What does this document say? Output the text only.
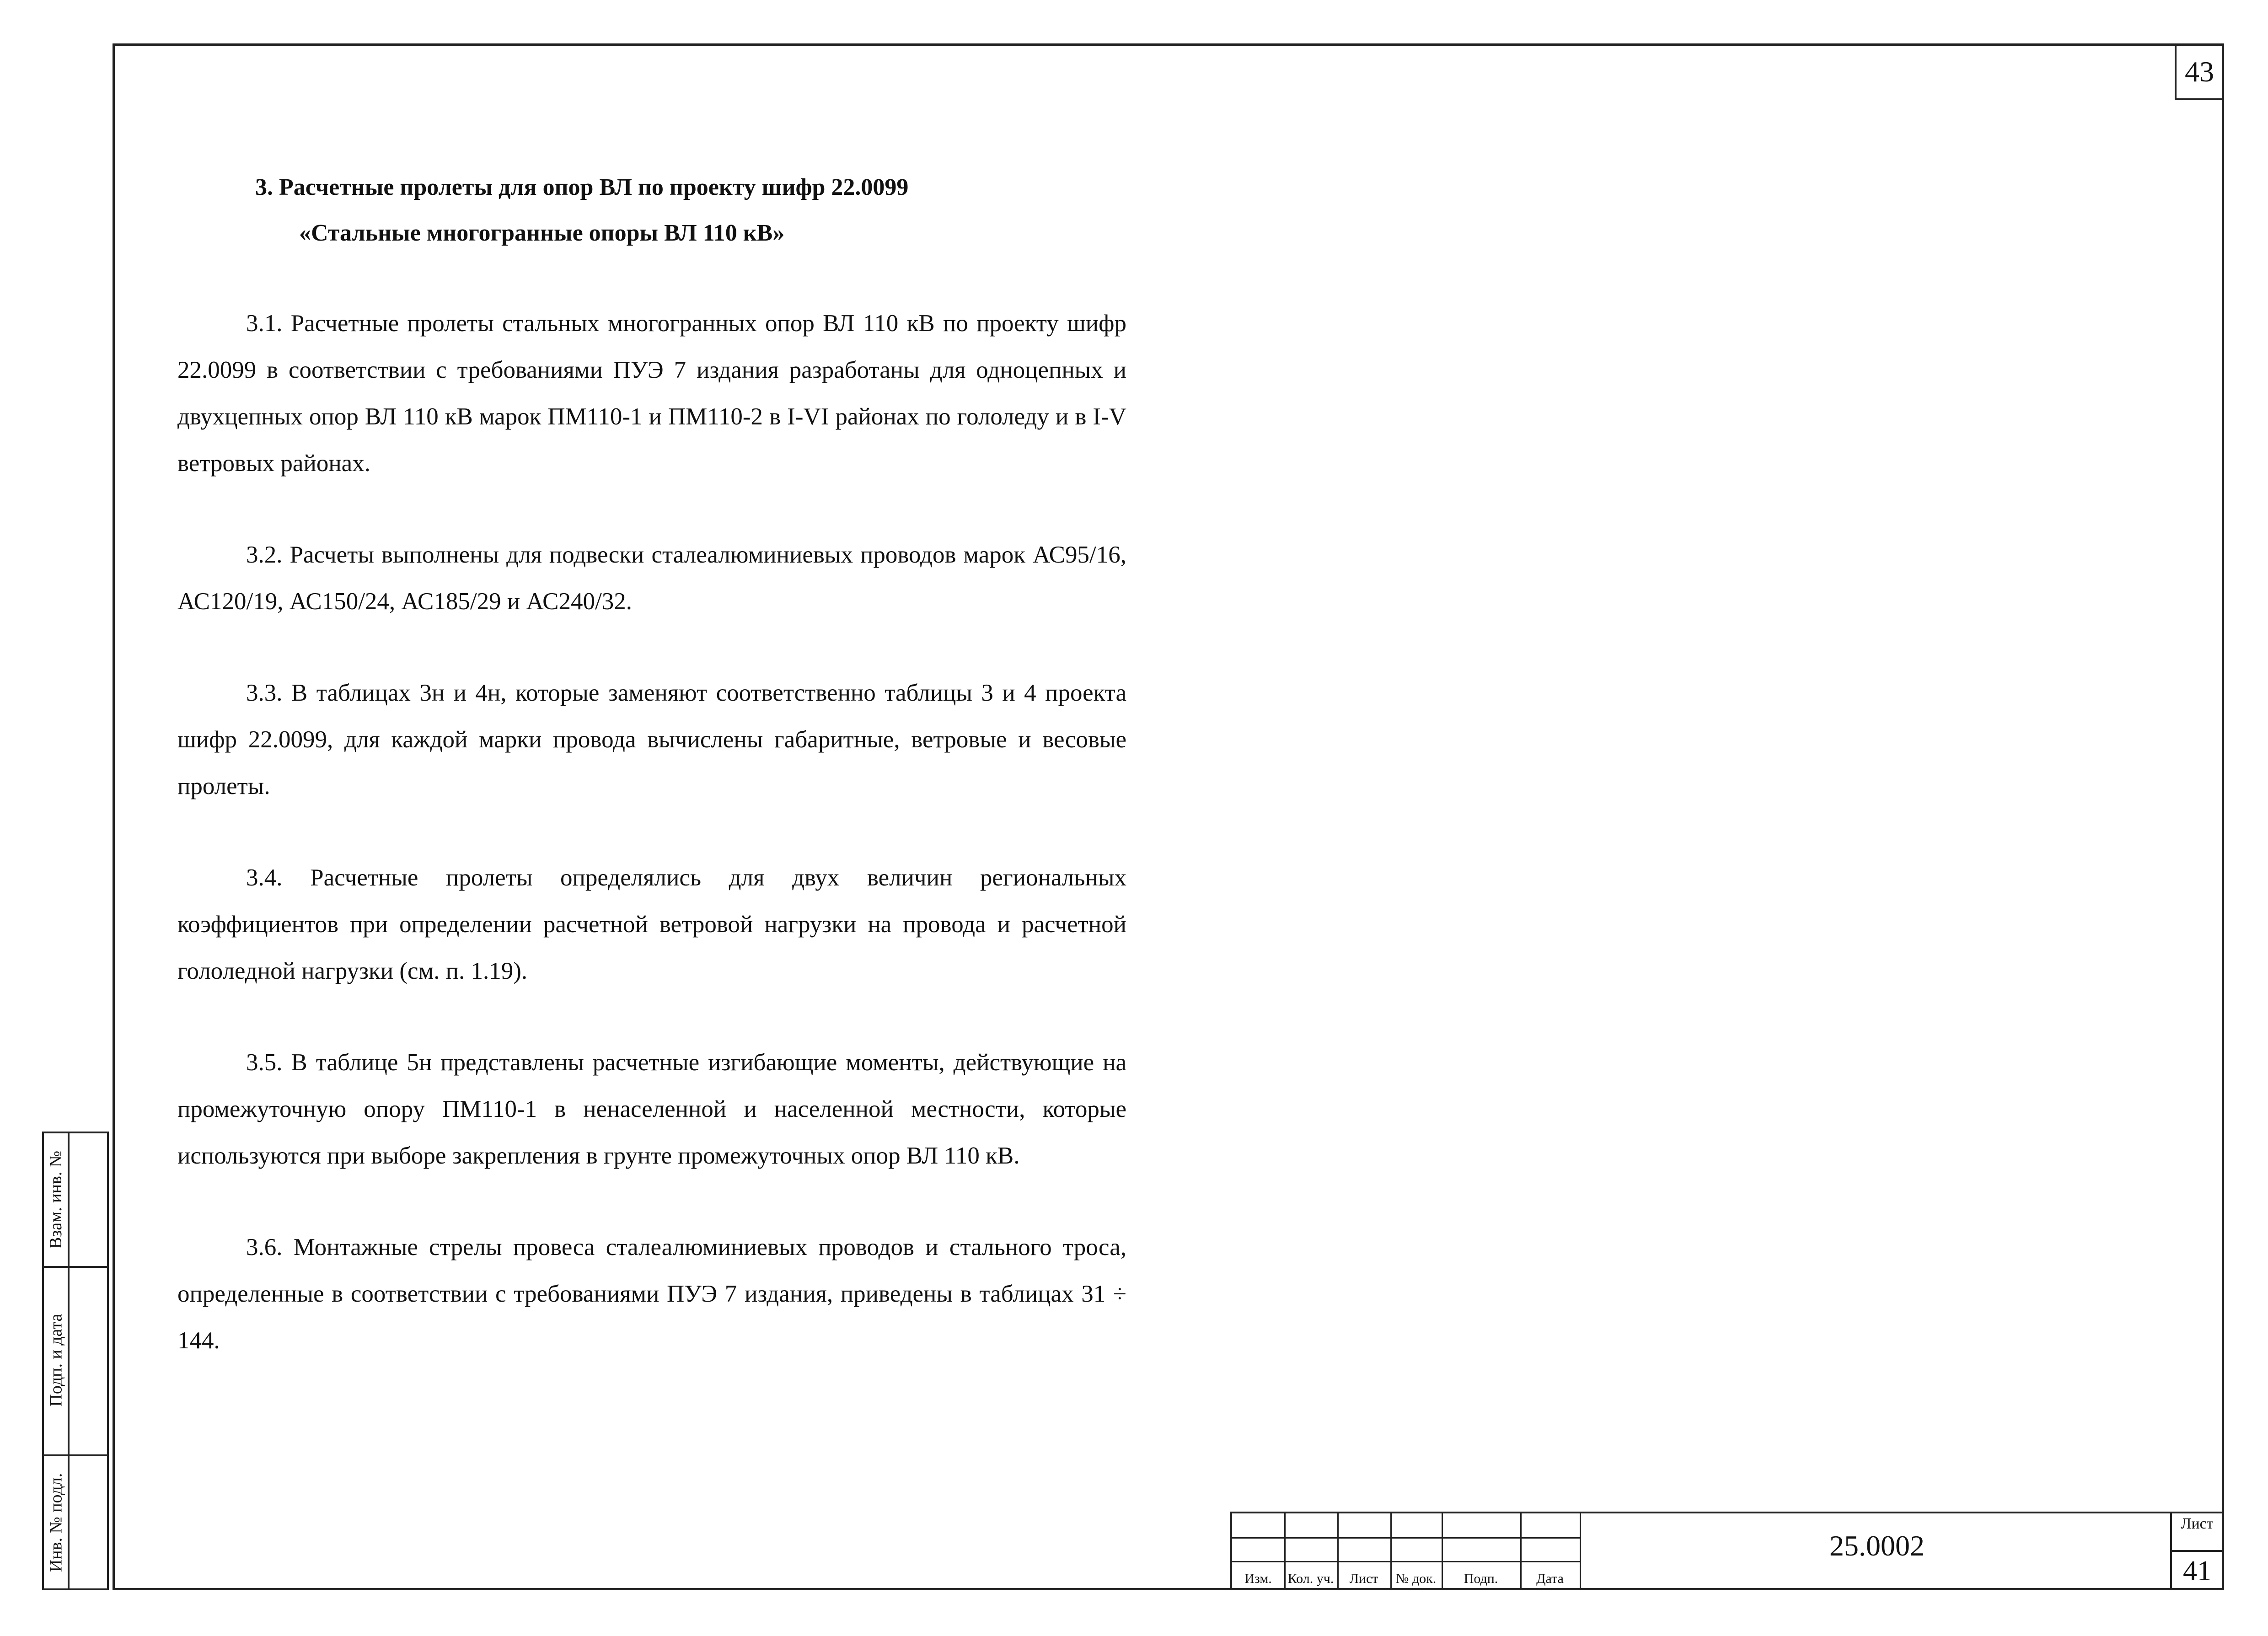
43
3. Расчетные пролеты для опор ВЛ по проекту шифр 22.0099
«Стальные многогранные опоры ВЛ 110 кВ»

3.1. Расчетные пролеты стальных многогранных опор ВЛ 110 кВ по проекту шифр 22.0099 в соответствии с требованиями ПУЭ 7 издания разработаны для одноцепных и двухцепных опор ВЛ 110 кВ марок ПМ110-1 и ПМ110-2 в I-VI районах по гололеду и в I-V ветровых районах.

3.2. Расчеты выполнены для подвески сталеалюминиевых проводов марок АС95/16, АС120/19, АС150/24, АС185/29 и АС240/32.

3.3. В таблицах 3н и 4н, которые заменяют соответственно таблицы 3 и 4 проекта шифр 22.0099, для каждой марки провода вычислены габаритные, ветровые и весовые пролеты.

3.4. Расчетные пролеты определялись для двух величин региональных коэффициентов при определении расчетной ветровой нагрузки на провода и расчетной гололедной нагрузки (см. п. 1.19).

3.5. В таблице 5н представлены расчетные изгибающие моменты, действующие на промежуточную опору ПМ110-1 в ненаселенной и населенной местности, которые используются при выборе закрепления в грунте промежуточных опор ВЛ 110 кВ.

3.6. Монтажные стрелы провеса сталеалюминиевых проводов и стального троса, определенные в соответствии с требованиями ПУЭ 7 издания, приведены в таблицах 31 ÷ 144.

Взам. инв. №
Подп. и дата
Инв. № подл.
Изм.	Кол. уч.	Лист	№ док.	Подп.	Дата
25.0002
Лист
41
